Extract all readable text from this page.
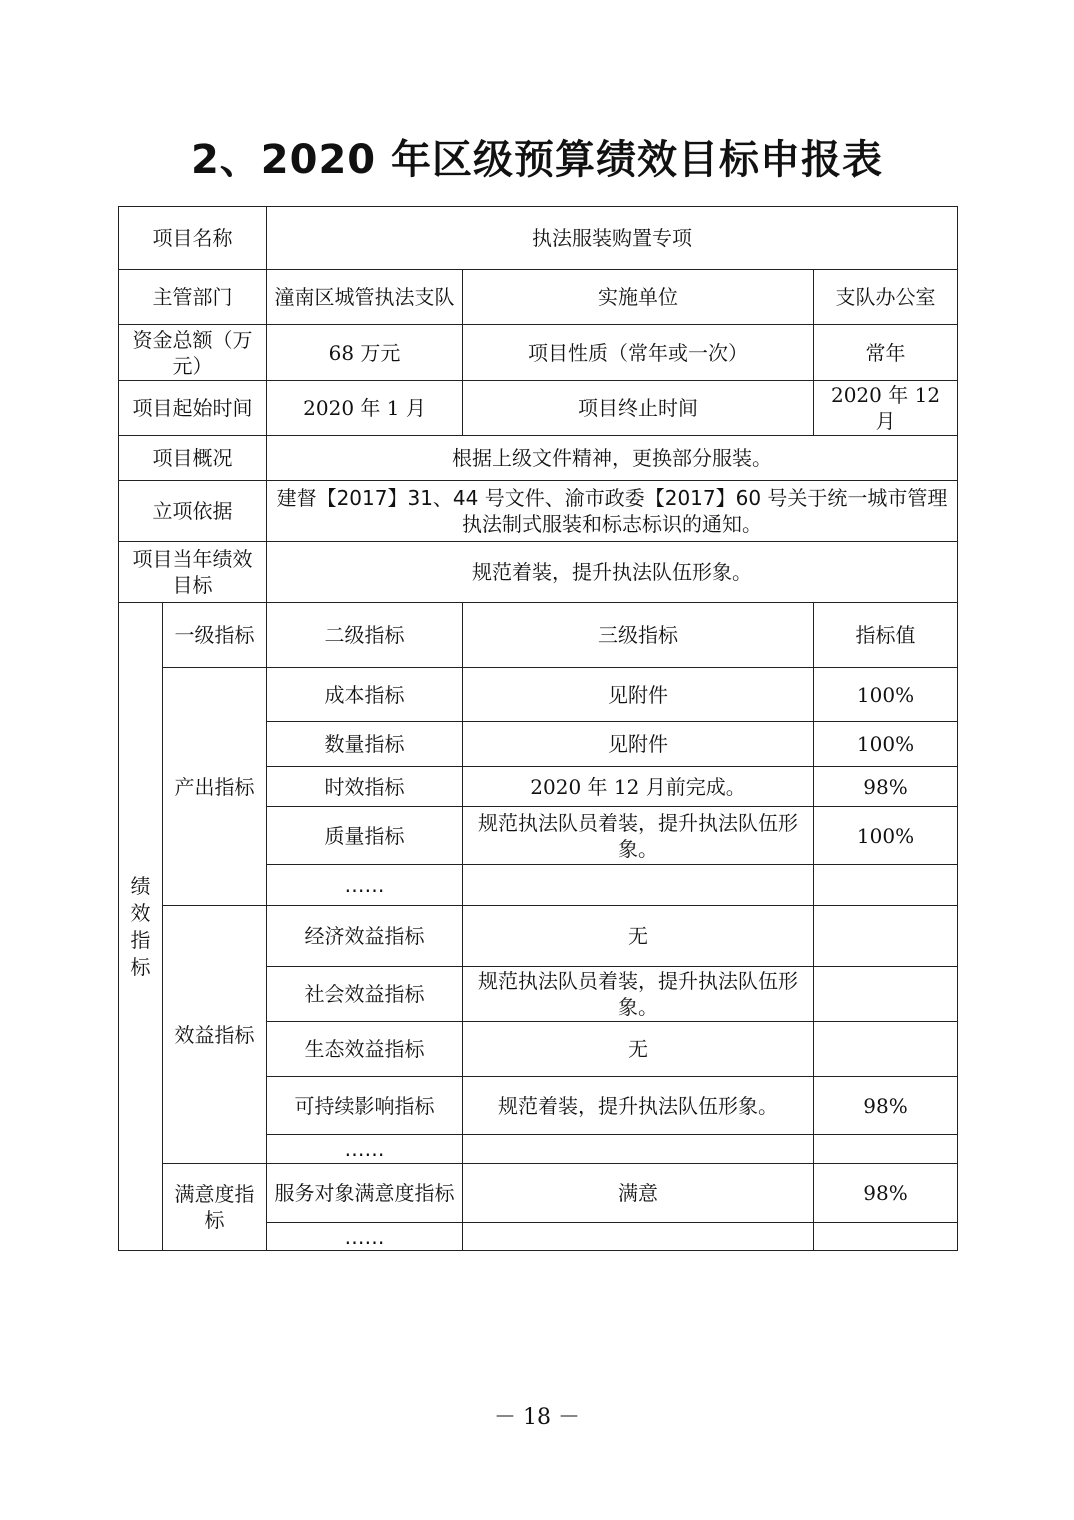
2、2020 年区级预算绩效目标申报表
项目名称		执法服装购置专项		
主管部门		潼南区城管执法支队	实施单位	支队办公室
资金总额（万元）		68 万元	项目性质（常年或一次）	常年
项目起始时间		2020 年 1 月	项目终止时间	2020 年 12 月
项目概况		根据上级文件精神，更换部分服装。		
立项依据		建督【2017】31、44 号文件、渝市政委【2017】60 号关于统一城市管理执法制式服装和标志标识的通知。		
项目当年绩效目标		规范着装，提升执法队伍形象。		
绩效指标	一级指标	二级指标	三级指标	指标值
	产出指标	成本指标	见附件	100%
		数量指标	见附件	100%
		时效指标	2020 年 12 月前完成。	98%
		质量指标	规范执法队员着装，提升执法队伍形象。	100%
		……		
	效益指标	经济效益指标	无	
		社会效益指标	规范执法队员着装，提升执法队伍形象。	
		生态效益指标	无	
		可持续影响指标	规范着装，提升执法队伍形象。	98%
		……		
	满意度指标	服务对象满意度指标	满意	98%
		……		
－ 18 －
